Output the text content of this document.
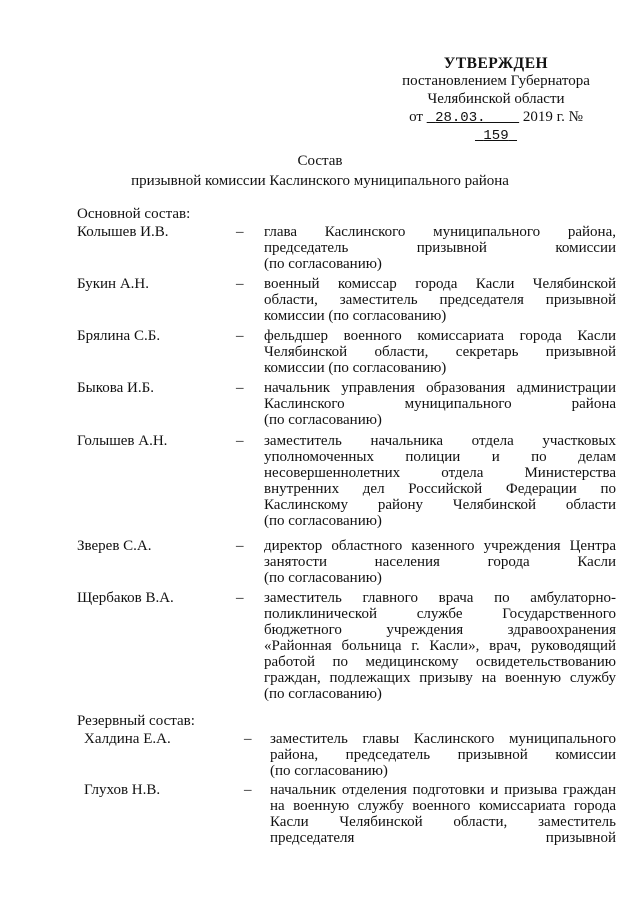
УТВЕРЖДЕН
постановлением Губернатора
Челябинской области
от 28.03. 2019 г. №  159
Состав
призывной комиссии Каслинского муниципального района
Основной состав:
Резервный состав:
Колышев И.В.	– глава Каслинского муниципального района,
председатель призывной комиссии
(по согласованию)
Букин А.Н.	– военный комиссар города Касли Челябинской
области, заместитель председателя призывной
комиссии (по согласованию)
Брялина С.Б.	– фельдшер военного комиссариата города Касли
Челябинской области, секретарь призывной
комиссии (по согласованию)
Быкова И.Б.	– начальник управления образования администрации
Каслинского муниципального района
(по согласованию)
Голышев А.Н.	– заместитель начальника отдела участковых
уполномоченных полиции и по делам
несовершеннолетних отдела Министерства
внутренних дел Российской Федерации по
Каслинскому району Челябинской области
(по согласованию)
Зверев С.А.	– директор областного казенного учреждения Центра
занятости населения города Касли
(по согласованию)
Щербаков В.А.	– заместитель главного врача по амбулаторно-
поликлинической службе Государственного
бюджетного учреждения здравоохранения
«Районная больница г. Касли», врач, руководящий
работой по медицинскому освидетельствованию
граждан, подлежащих призыву на военную службу
(по согласованию)
Халдина Е.А.	– заместитель главы Каслинского муниципального
района, председатель призывной комиссии
(по согласованию)
Глухов Н.В.	– начальник отделения подготовки и призыва граждан
на военную службу военного комиссариата города
Касли Челябинской области, заместитель
председателя призывной
